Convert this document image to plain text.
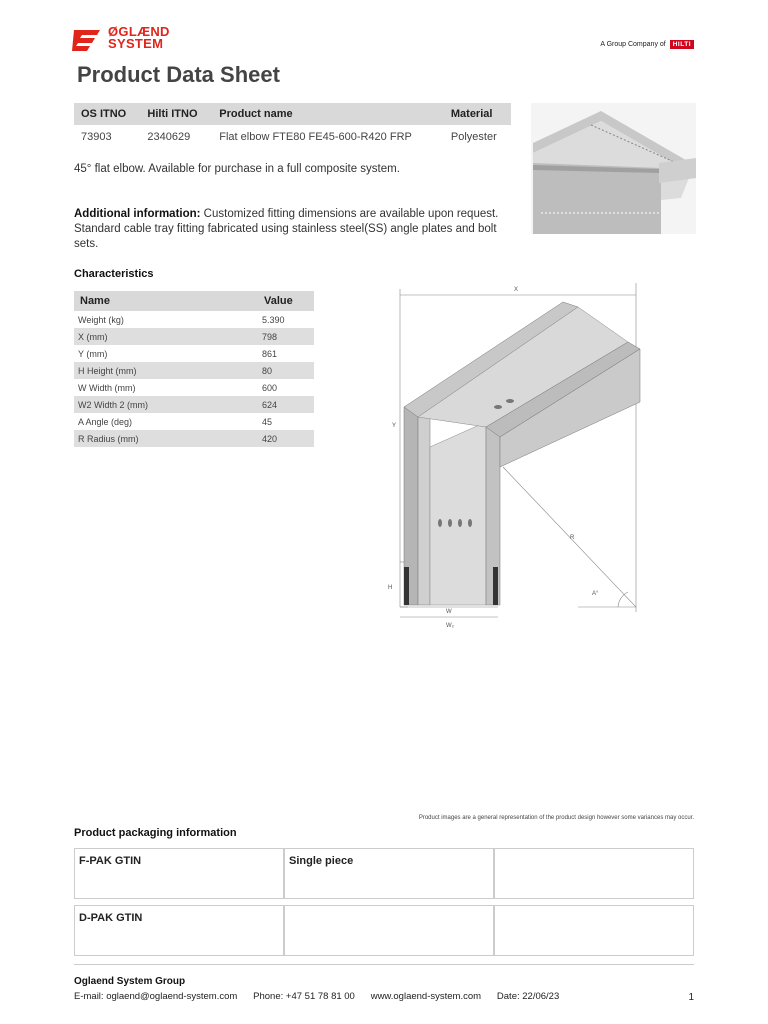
ØGLÆND
SYSTEM	A Group Company of	HILTI
Product Data Sheet
OS ITNO	Hilti ITNO	Product name	Material
73903	2340629	Flat elbow FTE80 FE45-600-R420 FRP	Polyester
45° flat elbow. Available for purchase in a full composite system.
Additional information: Customized fitting dimensions are available upon request. Standard cable tray fitting fabricated using stainless steel(SS) angle plates and bolt sets.
Characteristics
Name	Value
Weight (kg)	5.390
X (mm)	798
Y (mm)	861
H Height (mm)	80
W Width (mm)	600
W2 Width 2 (mm)	624
A Angle (deg)	45
R Radius (mm)	420
X
Y
H
W
W₂
R
A°
Product images are a general representation of the product design however some variances may occur.
Product packaging information
F-PAK GTIN	Single piece	
D-PAK GTIN		
Oglaend System Group
E-mail: oglaend@oglaend-system.com Phone: +47 51 78 81 00 www.oglaend-system.com Date: 22/06/23	1
